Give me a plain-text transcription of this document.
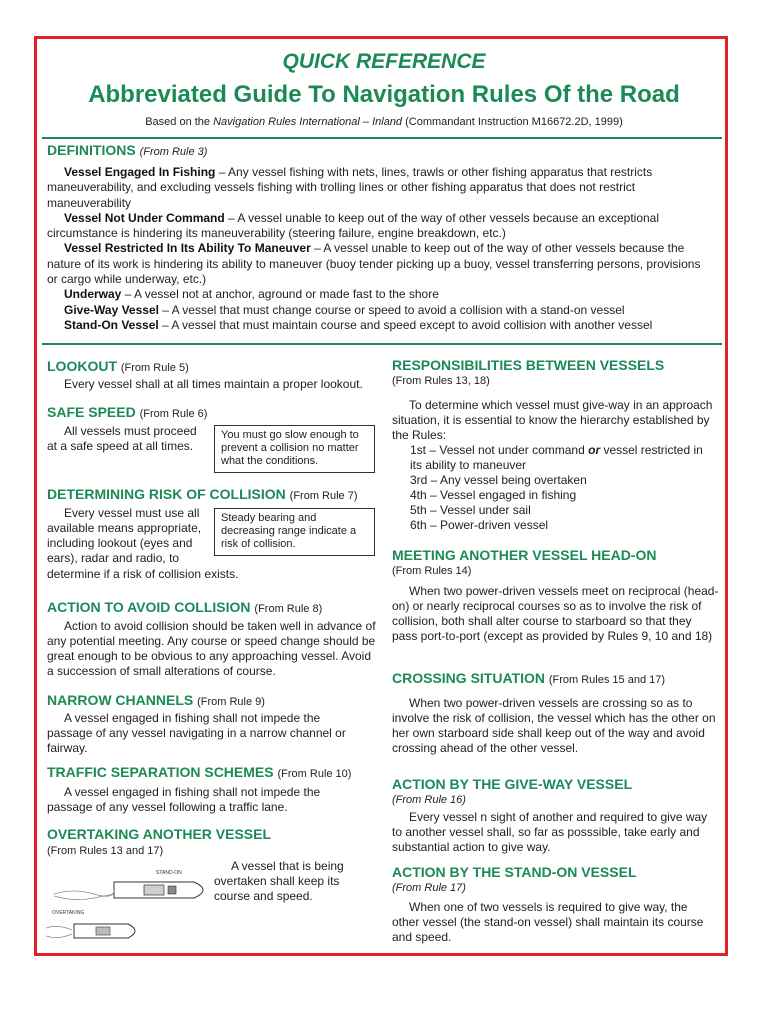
QUICK REFERENCE
Abbreviated Guide To Navigation Rules Of the Road
Based on the Navigation Rules International – Inland (Commandant Instruction M16672.2D, 1999)
DEFINITIONS (From Rule 3)

Vessel Engaged In Fishing – Any vessel fishing with nets, lines, trawls or other fishing apparatus that restricts maneuverability, and excluding vessels fishing with trolling lines or other fishing apparatus that does not restrict maneuverability

Vessel Not Under Command – A vessel unable to keep out of the way of other vessels because an exceptional circumstance is hindering its maneuverability (steering failure, engine breakdown, etc.)

Vessel Restricted In Its Ability To Maneuver – A vessel unable to keep out of the way of other vessels because the nature of its work is hindering its ability to maneuver (buoy tender picking up a buoy, vessel transferring persons, provisions or cargo while underway, etc.)

Underway – A vessel not at anchor, aground or made fast to the shore

Give-Way Vessel – A vessel that must change course or speed to avoid a collision with a stand-on vessel

Stand-On Vessel – A vessel that must maintain course and speed except to avoid collision with another vessel

LOOKOUT (From Rule 5)
Every vessel shall at all times maintain a proper lookout.
SAFE SPEED (From Rule 6)
All vessels must proceed at a safe speed at all times.
You must go slow enough to prevent a collision no matter what the conditions.
DETERMINING RISK OF COLLISION (From Rule 7)
Every vessel must use all available means appropriate, including lookout (eyes and ears), radar and radio, to
determine if a risk of collision exists.
Steady bearing and decreasing range indicate a risk of collision.
ACTION TO AVOID COLLISION (From Rule 8)
Action to avoid collision should be taken well in advance of any potential meeting. Any course or speed change should be great enough to be obvious to any approaching vessel. Avoid a succession of small alterations of course.
NARROW CHANNELS (From Rule 9)
A vessel engaged in fishing shall not impede the passage of any vessel navigating in a narrow channel or fairway.
TRAFFIC SEPARATION SCHEMES (From Rule 10)
A vessel engaged in fishing shall not impede the passage of any vessel following a traffic lane.
OVERTAKING ANOTHER VESSEL
(From Rules 13 and 17)
STAND-ON
OVERTAKING
A vessel that is being overtaken shall keep its course and speed.
RESPONSIBILITIES BETWEEN VESSELS
(From Rules 13, 18)
To determine which vessel must give-way in an approach situation, it is essential to know the hierarchy established by the Rules:
1st – Vessel not under command or vessel restricted in
its ability to maneuver
3rd – Any vessel being overtaken
4th – Vessel engaged in fishing
5th – Vessel under sail
6th – Power-driven vessel
MEETING ANOTHER VESSEL HEAD-ON
(From Rules 14)
When two power-driven vessels meet on reciprocal (head-on) or nearly reciprocal courses so as to involve the risk of collision, both shall alter course to starboard so that they pass port-to-port (except as provided by Rules 9, 10 and 18)
CROSSING SITUATION (From Rules 15 and 17)
When two power-driven vessels are crossing so as to involve the risk of collision, the vessel which has the other on her own starboard side shall keep out of the way and avoid crossing ahead of the other vessel.
ACTION BY THE GIVE-WAY VESSEL
(From Rule 16)
Every vessel n sight of another and required to give way to another vessel shall, so far as posssible, take early and substantial action to give way.
ACTION BY THE STAND-ON VESSEL
(From Rule 17)
When one of two vessels is required to give way, the other vessel (the stand-on vessel) shall maintain its course and speed.
